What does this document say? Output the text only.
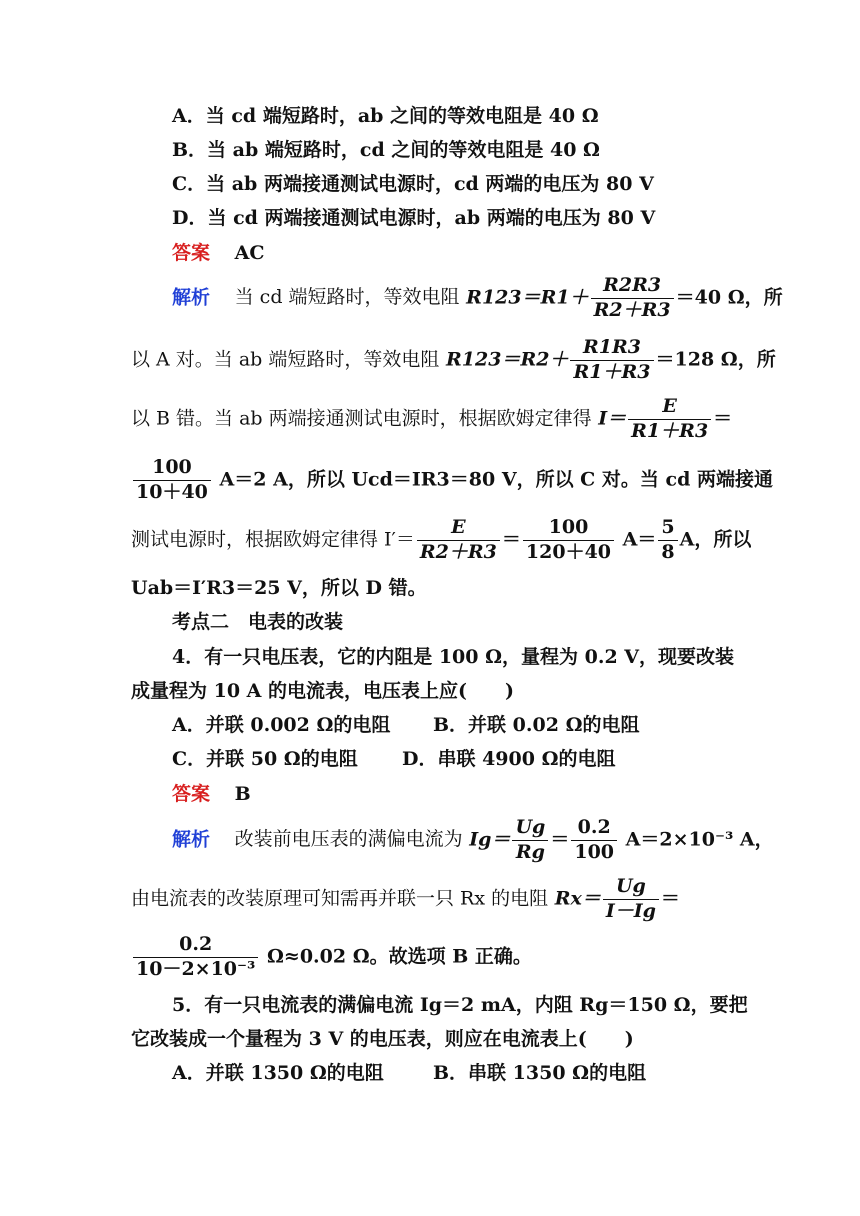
A．当 cd 端短路时，ab 之间的等效电阻是 40 Ω
B．当 ab 端短路时，cd 之间的等效电阻是 40 Ω
C．当 ab 两端接通测试电源时，cd 两端的电压为 80 V
D．当 cd 两端接通测试电源时，ab 两端的电压为 80 V
答案 AC
解析 当 cd 端短路时，等效电阻 $R123=R1+ \frac{R2R3}{R2+R3} =40$ Ω，所
以 A 对。当 ab 端短路时，等效电阻 $R123=R2+ \frac{R1R3}{R1+R3} =128$ Ω，所
以 B 错。当 ab 两端接通测试电源时，根据欧姆定律得 $I= \frac{E}{R1+R3}$ ＝
$\frac{100}{10+40} A=2$ A，所以 Ucd＝IR3＝80 V，所以 C 对。当 cd 两端接通
测试电源时，根据欧姆定律得 $I'= \frac{E}{R2+R3} = \frac{100}{120+40} A= \frac{5}{8}$ A，所以
Uab＝I′R3＝25 V，所以 D 错。
考点二　电表的改装
4．有一只电压表，它的内阻是 100 Ω，量程为 0.2 V，现要改装
成量程为 10 A 的电流表，电压表上应(　　)
A．并联 0.002 Ω的电阻 B．并联 0.02 Ω的电阻
C．并联 50 Ω的电阻 D．串联 4900 Ω的电阻
答案 B
解析 改装前电压表的满偏电流为 $Ig= \frac{Ug}{Rg} = \frac{0.2}{100} A=2\times 10^{-3}$ A，
由电流表的改装原理可知需再并联一只 Rx 的电阻 $Rx= \frac{Ug}{I-Ig}$ ＝
$\frac{0.2}{\text{10－2×10⁻³}} \Omega\approx 0.02$ Ω。故选项 B 正确。
5．有一只电流表的满偏电流 Ig＝2 mA，内阻 Rg＝150 Ω，要把
它改装成一个量程为 3 V 的电压表，则应在电流表上(　　)
A．并联 1350 Ω的电阻	B．串联 1350 Ω的电阻
